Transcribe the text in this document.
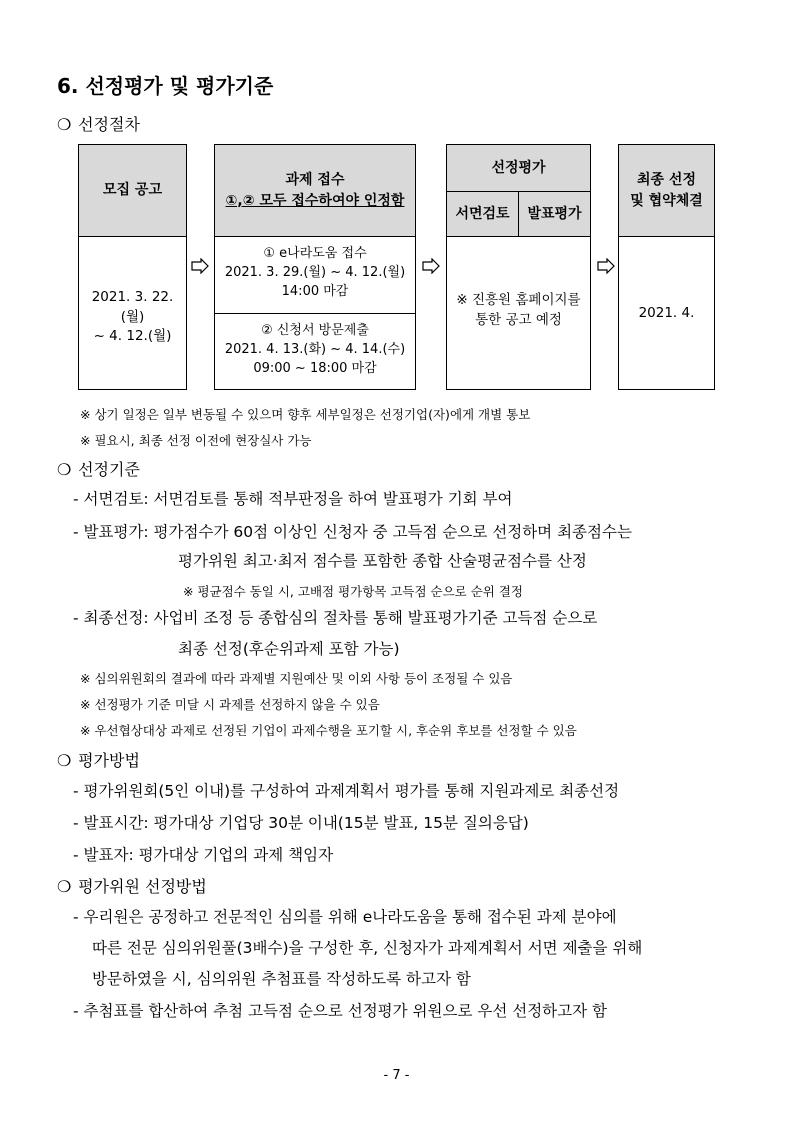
6. 선정평가 및 평가기준
❍ 선정절차
모집 공고
2021. 3. 22. (월)
~ 4. 12.(월)
과제 접수
①,② 모두 접수하여야 인정함
① e나라도움 접수
2021. 3. 29.(월) ~ 4. 12.(월)
14:00 마감
② 신청서 방문제출
2021. 4. 13.(화) ~ 4. 14.(수)
09:00 ~ 18:00 마감
선정평가
서면검토	발표평가
※ 진흥원 홈페이지를
통한 공고 예정
최종 선정
및 협약체결
2021. 4.
※ 상기 일정은 일부 변동될 수 있으며 향후 세부일정은 선정기업(자)에게 개별 통보
※ 필요시, 최종 선정 이전에 현장실사 가능
❍ 선정기준
- 서면검토: 서면검토를 통해 적부판정을 하여 발표평가 기회 부여
- 발표평가: 평가점수가 60점 이상인 신청자 중 고득점 순으로 선정하며 최종점수는
평가위원 최고·최저 점수를 포함한 종합 산술평균점수를 산정
※ 평균점수 동일 시, 고배점 평가항목 고득점 순으로 순위 결정
- 최종선정: 사업비 조정 등 종합심의 절차를 통해 발표평가기준 고득점 순으로
최종 선정(후순위과제 포함 가능)
※ 심의위원회의 결과에 따라 과제별 지원예산 및 이외 사항 등이 조정될 수 있음
※ 선정평가 기준 미달 시 과제를 선정하지 않을 수 있음
※ 우선협상대상 과제로 선정된 기업이 과제수행을 포기할 시, 후순위 후보를 선정할 수 있음
❍ 평가방법
- 평가위원회(5인 이내)를 구성하여 과제계획서 평가를 통해 지원과제로 최종선정
- 발표시간: 평가대상 기업당 30분 이내(15분 발표, 15분 질의응답)
- 발표자: 평가대상 기업의 과제 책임자
❍ 평가위원 선정방법
- 우리원은 공정하고 전문적인 심의를 위해 e나라도움을 통해 접수된 과제 분야에
따른 전문 심의위원풀(3배수)을 구성한 후, 신청자가 과제계획서 서면 제출을 위해
방문하였을 시, 심의위원 추첨표를 작성하도록 하고자 함
- 추첨표를 합산하여 추첨 고득점 순으로 선정평가 위원으로 우선 선정하고자 함
- 7 -
